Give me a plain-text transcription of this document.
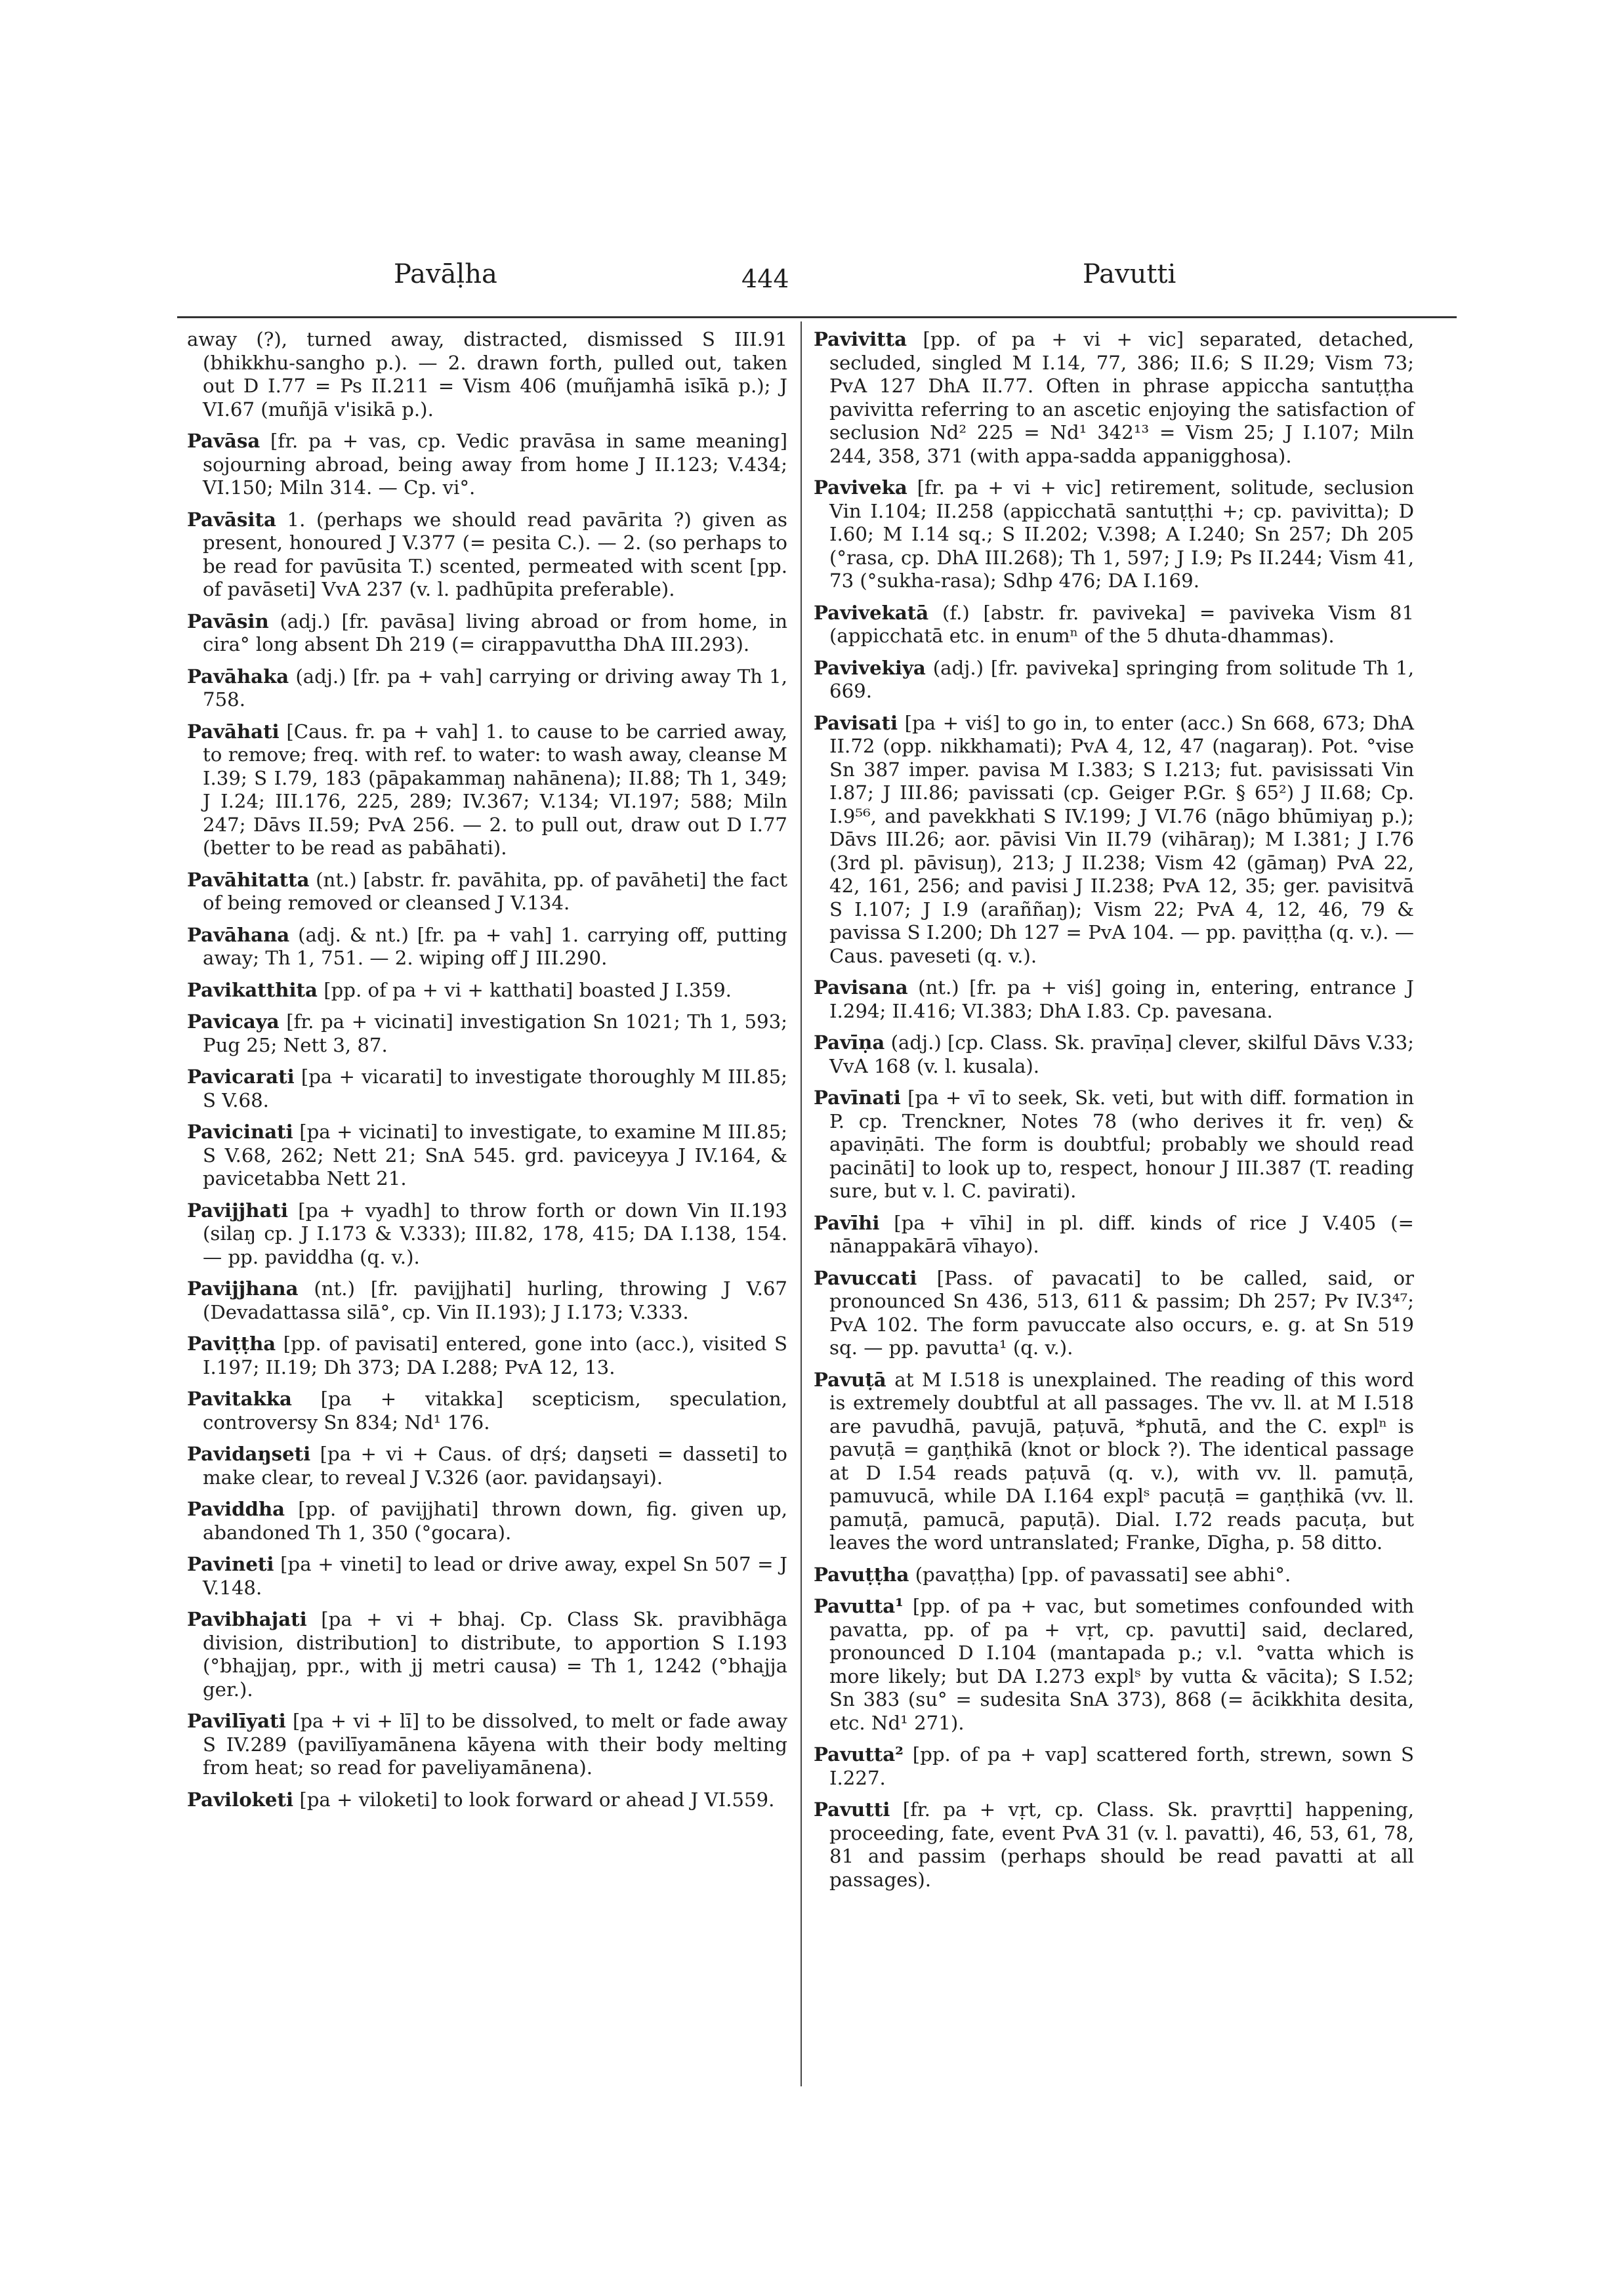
Pavāḷha	444	Pavutti

away (?), turned away, distracted, dismissed S III.91 (bhikkhu-sangho p.). — 2. drawn forth, pulled out, taken out D I.77 = Ps II.211 = Vism 406 (muñjamhā isīkā p.); J VI.67 (muñjā v'isikā p.).

Pavāsa [fr. pa + vas, cp. Vedic pravāsa in same meaning] sojourning abroad, being away from home J II.123; V.434; VI.150; Miln 314. — Cp. vi°.

Pavāsita 1. (perhaps we should read pavārita ?) given as present, honoured J V.377 (= pesita C.). — 2. (so perhaps to be read for pavūsita T.) scented, permeated with scent [pp. of pavāseti] VvA 237 (v. l. padhūpita preferable).

Pavāsin (adj.) [fr. pavāsa] living abroad or from home, in cira° long absent Dh 219 (= cirappavuttha DhA III.293).

Pavāhaka (adj.) [fr. pa + vah] carrying or driving away Th 1, 758.

Pavāhati [Caus. fr. pa + vah] 1. to cause to be carried away, to remove; freq. with ref. to water: to wash away, cleanse M I.39; S I.79, 183 (pāpakammaŋ nahānena); II.88; Th 1, 349; J I.24; III.176, 225, 289; IV.367; V.134; VI.197; 588; Miln 247; Dāvs II.59; PvA 256. — 2. to pull out, draw out D I.77 (better to be read as pabāhati).

Pavāhitatta (nt.) [abstr. fr. pavāhita, pp. of pavāheti] the fact of being removed or cleansed J V.134.

Pavāhana (adj. & nt.) [fr. pa + vah] 1. carrying off, putting away; Th 1, 751. — 2. wiping off J III.290.

Pavikatthita [pp. of pa + vi + katthati] boasted J I.359.

Pavicaya [fr. pa + vicinati] investigation Sn 1021; Th 1, 593; Pug 25; Nett 3, 87.

Pavicarati [pa + vicarati] to investigate thoroughly M III.85; S V.68.

Pavicinati [pa + vicinati] to investigate, to examine M III.85; S V.68, 262; Nett 21; SnA 545. grd. paviceyya J IV.164, & pavicetabba Nett 21.

Pavijjhati [pa + vyadh] to throw forth or down Vin II.193 (silaŋ cp. J I.173 & V.333); III.82, 178, 415; DA I.138, 154. — pp. paviddha (q. v.).

Pavijjhana (nt.) [fr. pavijjhati] hurling, throwing J V.67 (Devadattassa silā°, cp. Vin II.193); J I.173; V.333.

Paviṭṭha [pp. of pavisati] entered, gone into (acc.), visited S I.197; II.19; Dh 373; DA I.288; PvA 12, 13.

Pavitakka [pa + vitakka] scepticism, speculation, controversy Sn 834; Nd¹ 176.

Pavidaŋseti [pa + vi + Caus. of dṛś; daŋseti = dasseti] to make clear, to reveal J V.326 (aor. pavidaŋsayi).

Paviddha [pp. of pavijjhati] thrown down, fig. given up, abandoned Th 1, 350 (°gocara).

Pavineti [pa + vineti] to lead or drive away, expel Sn 507 = J V.148.

Pavibhajati [pa + vi + bhaj. Cp. Class Sk. pravibhāga division, distribution] to distribute, to apportion S I.193 (°bhajjaŋ, ppr., with jj metri causa) = Th 1, 1242 (°bhajja ger.).

Pavilīyati [pa + vi + lī] to be dissolved, to melt or fade away S IV.289 (pavilīyamānena kāyena with their body melting from heat; so read for paveliyamānena).

Paviloketi [pa + viloketi] to look forward or ahead J VI.559.

Pavivitta [pp. of pa + vi + vic] separated, detached, secluded, singled M I.14, 77, 386; II.6; S II.29; Vism 73; PvA 127 DhA II.77. Often in phrase appiccha santuṭṭha pavivitta referring to an ascetic enjoying the satisfaction of seclusion Nd² 225 = Nd¹ 342¹³ = Vism 25; J I.107; Miln 244, 358, 371 (with appa-sadda appanigghosa).

Paviveka [fr. pa + vi + vic] retirement, solitude, seclusion Vin I.104; II.258 (appicchatā santuṭṭhi +; cp. pavivitta); D I.60; M I.14 sq.; S II.202; V.398; A I.240; Sn 257; Dh 205 (°rasa, cp. DhA III.268); Th 1, 597; J I.9; Ps II.244; Vism 41, 73 (°sukha-rasa); Sdhp 476; DA I.169.

Pavivekatā (f.) [abstr. fr. paviveka] = paviveka Vism 81 (appicchatā etc. in enumⁿ of the 5 dhuta-dhammas).

Pavivekiya (adj.) [fr. paviveka] springing from solitude Th 1, 669.

Pavisati [pa + viś] to go in, to enter (acc.) Sn 668, 673; DhA II.72 (opp. nikkhamati); PvA 4, 12, 47 (nagaraŋ). Pot. °vise Sn 387 imper. pavisa M I.383; S I.213; fut. pavisissati Vin I.87; J III.86; pavissati (cp. Geiger P.Gr. § 65²) J II.68; Cp. I.9⁵⁶, and pavekkhati S IV.199; J VI.76 (nāgo bhūmiyaŋ p.); Dāvs III.26; aor. pāvisi Vin II.79 (vihāraŋ); M I.381; J I.76 (3rd pl. pāvisuŋ), 213; J II.238; Vism 42 (gāmaŋ) PvA 22, 42, 161, 256; and pavisi J II.238; PvA 12, 35; ger. pavisitvā S I.107; J I.9 (araññaŋ); Vism 22; PvA 4, 12, 46, 79 & pavissa S I.200; Dh 127 = PvA 104. — pp. paviṭṭha (q. v.). — Caus. paveseti (q. v.).

Pavisana (nt.) [fr. pa + viś] going in, entering, entrance J I.294; II.416; VI.383; DhA I.83. Cp. pavesana.

Pavīṇa (adj.) [cp. Class. Sk. pravīṇa] clever, skilful Dāvs V.33; VvA 168 (v. l. kusala).

Pavīnati [pa + vī to seek, Sk. veti, but with diff. formation in P. cp. Trenckner, Notes 78 (who derives it fr. veṇ) & apaviṇāti. The form is doubtful; probably we should read pacināti] to look up to, respect, honour J III.387 (T. reading sure, but v. l. C. pavirati).

Pavīhi [pa + vīhi] in pl. diff. kinds of rice J V.405 (= nānappakārā vīhayo).

Pavuccati [Pass. of pavacati] to be called, said, or pronounced Sn 436, 513, 611 & passim; Dh 257; Pv IV.3⁴⁷; PvA 102. The form pavuccate also occurs, e. g. at Sn 519 sq. — pp. pavutta¹ (q. v.).

Pavuṭā at M I.518 is unexplained. The reading of this word is extremely doubtful at all passages. The vv. ll. at M I.518 are pavudhā, pavujā, paṭuvā, *phutā, and the C. explⁿ is pavuṭā = gaṇṭhikā (knot or block ?). The identical passage at D I.54 reads paṭuvā (q. v.), with vv. ll. pamuṭā, pamuvucā, while DA I.164 explˢ pacuṭā = gaṇṭhikā (vv. ll. pamuṭā, pamucā, papuṭā). Dial. I.72 reads pacuṭa, but leaves the word untranslated; Franke, Dīgha, p. 58 ditto.

Pavuṭṭha (pavaṭṭha) [pp. of pavassati] see abhi°.

Pavutta¹ [pp. of pa + vac, but sometimes confounded with pavatta, pp. of pa + vṛt, cp. pavutti] said, declared, pronounced D I.104 (mantapada p.; v.l. °vatta which is more likely; but DA I.273 explˢ by vutta & vācita); S I.52; Sn 383 (su° = sudesita SnA 373), 868 (= ācikkhita desita, etc. Nd¹ 271).

Pavutta² [pp. of pa + vap] scattered forth, strewn, sown S I.227.

Pavutti [fr. pa + vṛt, cp. Class. Sk. pravṛtti] happening, proceeding, fate, event PvA 31 (v. l. pavatti), 46, 53, 61, 78, 81 and passim (perhaps should be read pavatti at all passages).
